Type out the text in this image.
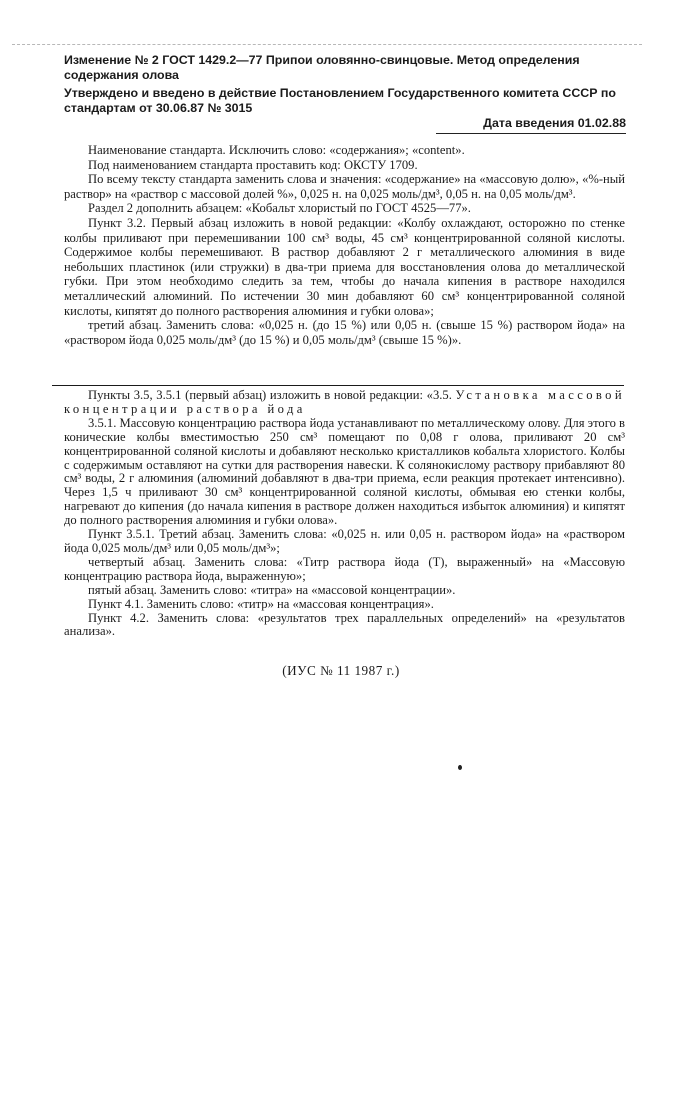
Изменение № 2 ГОСТ 1429.2—77 Припои оловянно-свинцовые. Метод определения содержания олова

Утверждено и введено в действие Постановлением Государственного комитета СССР по стандартам от 30.06.87 № 3015

Дата введения 01.02.88

Наименование стандарта. Исключить слово: «содержания»; «content».

Под наименованием стандарта проставить код: ОКСТУ 1709.

По всему тексту стандарта заменить слова и значения: «содержание» на «массовую долю», «%-ный раствор» на «раствор с массовой долей %», 0,025 н. на 0,025 моль/дм³, 0,05 н. на 0,05 моль/дм³.

Раздел 2 дополнить абзацем: «Кобальт хлористый по ГОСТ 4525—77».

Пункт 3.2. Первый абзац изложить в новой редакции: «Колбу охлаждают, осторожно по стенке колбы приливают при перемешивании 100 см³ воды, 45 см³ концентрированной соляной кислоты. Содержимое колбы перемешивают. В раствор добавляют 2 г металлического алюминия в виде небольших пластинок (или стружки) в два-три приема для восстановления олова до металлической губки. При этом необходимо следить за тем, чтобы до начала кипения в растворе находился металлический алюминий. По истечении 30 мин добавляют 60 см³ концентрированной соляной кислоты, кипятят до полного растворения алюминия и губки олова»;

третий абзац. Заменить слова: «0,025 н. (до 15 %) или 0,05 н. (свыше 15 %) раствором йода» на «раствором йода 0,025 моль/дм³ (до 15 %) и 0,05 моль/дм³ (свыше 15 %)».

Пункты 3.5, 3.5.1 (первый абзац) изложить в новой редакции: «3.5. Установка массовой концентрации раствора йода

3.5.1. Массовую концентрацию раствора йода устанавливают по металлическому олову. Для этого в конические колбы вместимостью 250 см³ помещают по 0,08 г олова, приливают 20 см³ концентрированной соляной кислоты и добавляют несколько кристалликов кобальта хлористого. Колбы с содержимым оставляют на сутки для растворения навески. К солянокислому раствору прибавляют 80 см³ воды, 2 г алюминия (алюминий добавляют в два-три приема, если реакция протекает интенсивно). Через 1,5 ч приливают 30 см³ концентрированной соляной кислоты, обмывая ею стенки колбы, нагревают до кипения (до начала кипения в растворе должен находиться избыток алюминия) и кипятят до полного растворения алюминия и губки олова».

Пункт 3.5.1. Третий абзац. Заменить слова: «0,025 н. или 0,05 н. раствором йода» на «раствором йода 0,025 моль/дм³ или 0,05 моль/дм³»;

четвертый абзац. Заменить слова: «Титр раствора йода (Т), выраженный» на «Массовую концентрацию раствора йода, выраженную»;

пятый абзац. Заменить слово: «титра» на «массовой концентрации».

Пункт 4.1. Заменить слово: «титр» на «массовая концентрация».

Пункт 4.2. Заменить слова: «результатов трех параллельных определений» на «результатов анализа».

(ИУС № 11 1987 г.)
